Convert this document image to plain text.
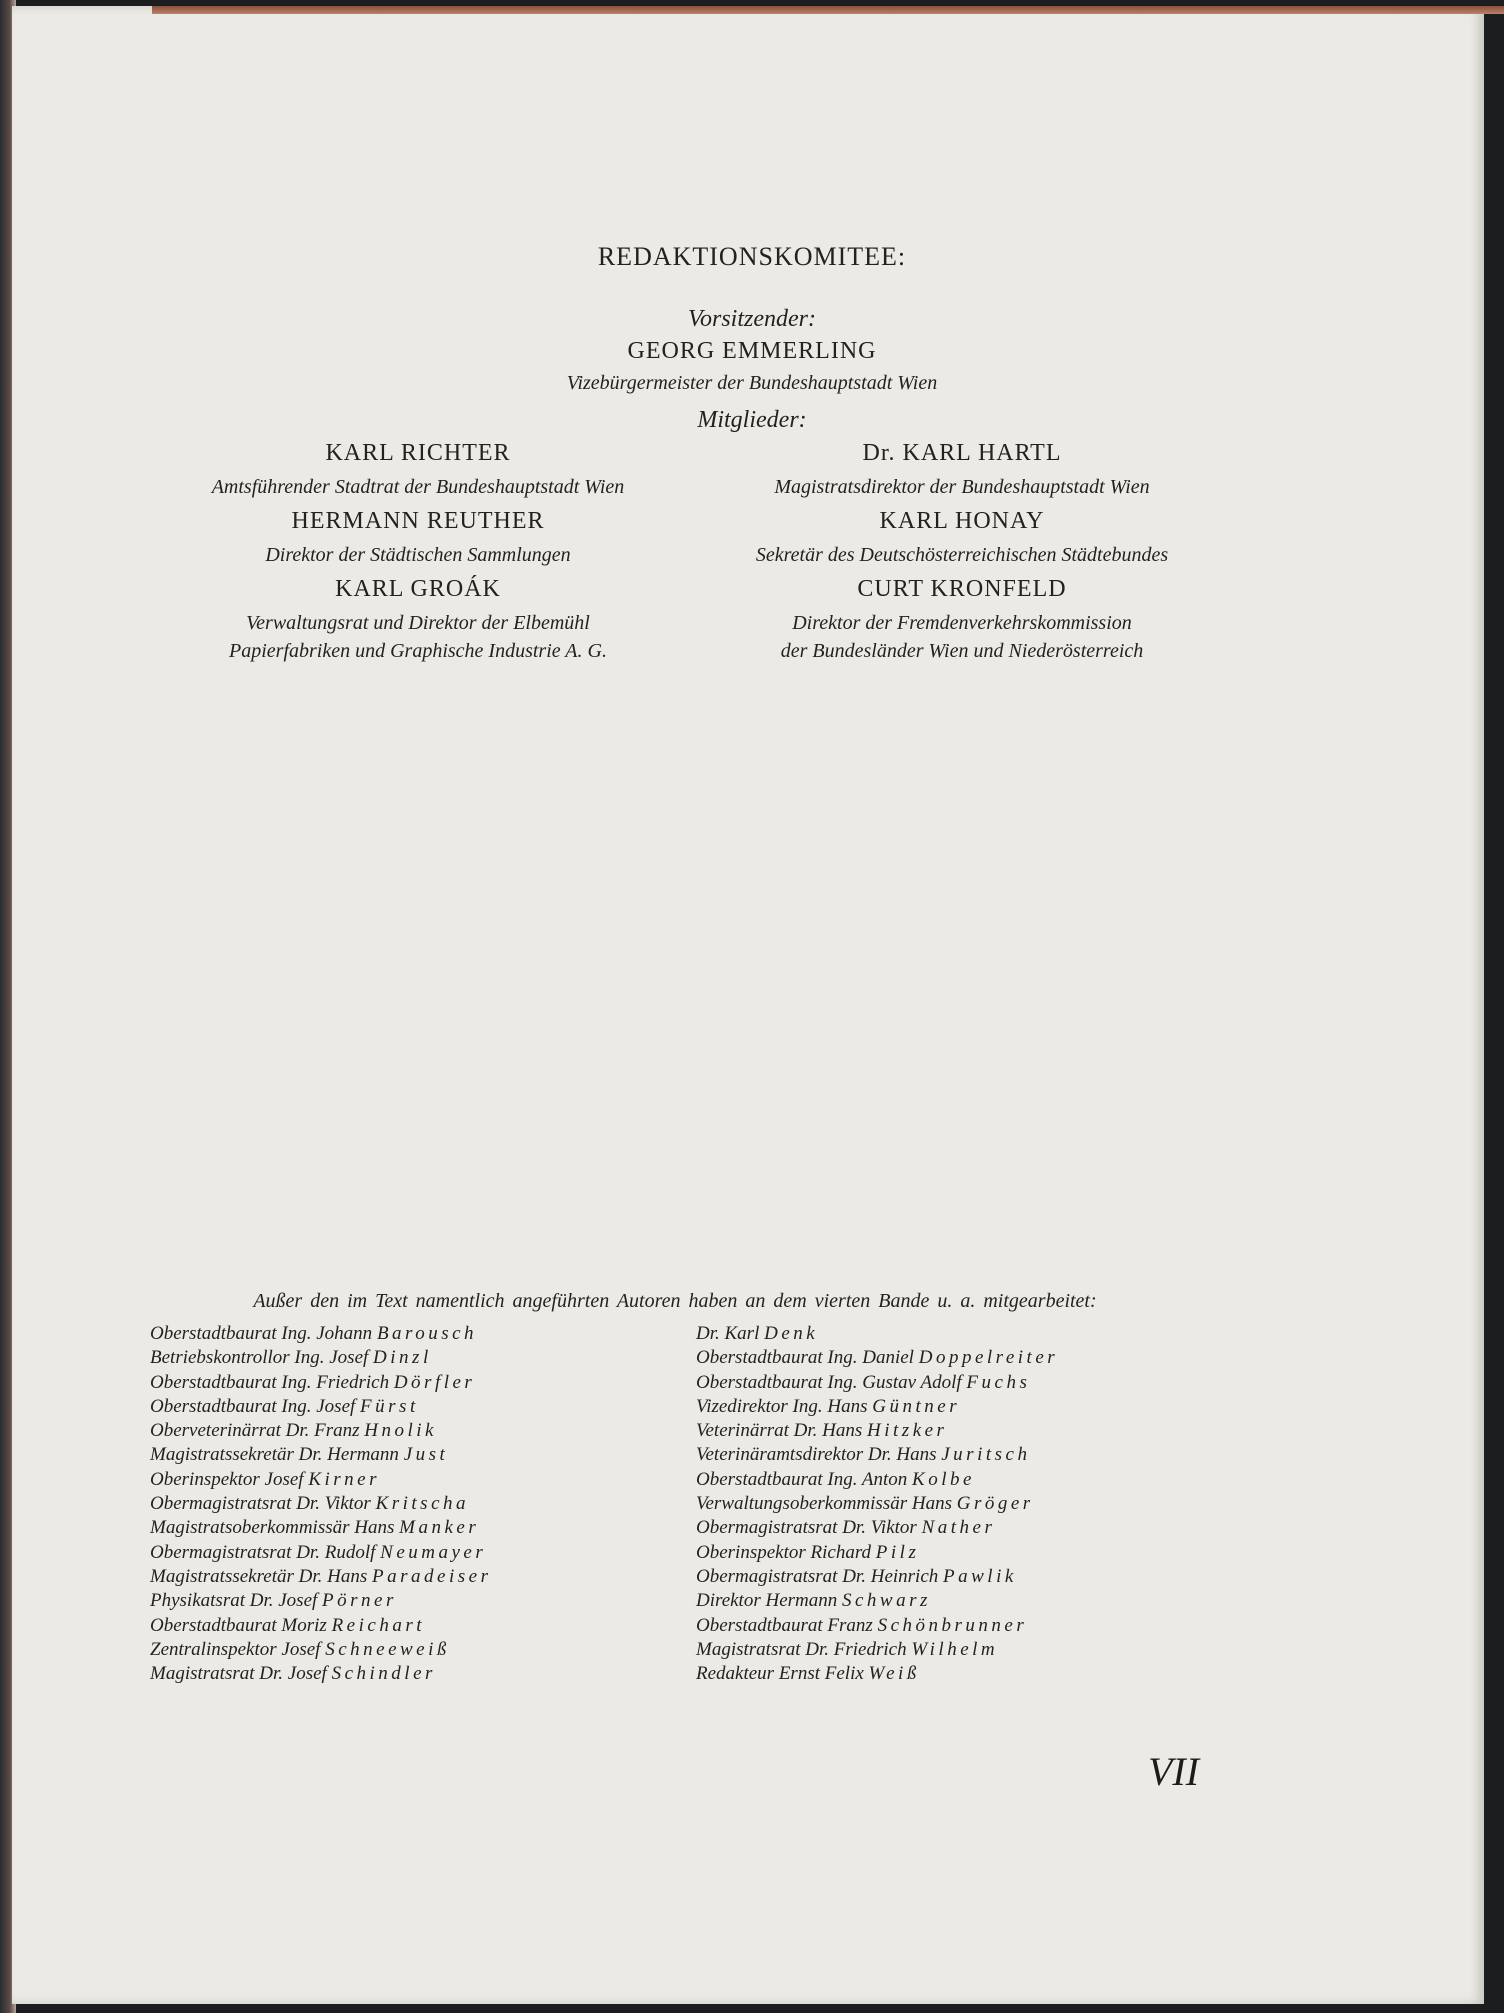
REDAKTIONSKOMITEE:
Vorsitzender:
GEORG EMMERLING
Vizebürgermeister der Bundeshauptstadt Wien
Mitglieder:
KARL RICHTER
Amtsführender Stadtrat der Bundeshauptstadt Wien
HERMANN REUTHER
Direktor der Städtischen Sammlungen
KARL GROÁK
Verwaltungsrat und Direktor der Elbemühl
Papierfabriken und Graphische Industrie A. G.
Dr. KARL HARTL
Magistratsdirektor der Bundeshauptstadt Wien
KARL HONAY
Sekretär des Deutschösterreichischen Städtebundes
CURT KRONFELD
Direktor der Fremdenverkehrskommission
der Bundesländer Wien und Niederösterreich
Außer den im Text namentlich angeführten Autoren haben an dem vierten Bande u. a. mitgearbeitet:
Oberstadtbaurat Ing. Johann Barousch
Betriebskontrollor Ing. Josef Dinzl
Oberstadtbaurat Ing. Friedrich Dörfler
Oberstadtbaurat Ing. Josef Fürst
Oberveterinärrat Dr. Franz Hnolik
Magistratssekretär Dr. Hermann Just
Oberinspektor Josef Kirner
Obermagistratsrat Dr. Viktor Kritscha
Magistratsoberkommissär Hans Manker
Obermagistratsrat Dr. Rudolf Neumayer
Magistratssekretär Dr. Hans Paradeiser
Physikatsrat Dr. Josef Pörner
Oberstadtbaurat Moriz Reichart
Zentralinspektor Josef Schneeweiß
Magistratsrat Dr. Josef Schindler
Dr. Karl Denk
Oberstadtbaurat Ing. Daniel Doppelreiter
Oberstadtbaurat Ing. Gustav Adolf Fuchs
Vizedirektor Ing. Hans Güntner
Veterinärrat Dr. Hans Hitzker
Veterinäramtsdirektor Dr. Hans Juritsch
Oberstadtbaurat Ing. Anton Kolbe
Verwaltungsoberkommissär Hans Gröger
Obermagistratsrat Dr. Viktor Nather
Oberinspektor Richard Pilz
Obermagistratsrat Dr. Heinrich Pawlik
Direktor Hermann Schwarz
Oberstadtbaurat Franz Schönbrunner
Magistratsrat Dr. Friedrich Wilhelm
Redakteur Ernst Felix Weiß
VII
